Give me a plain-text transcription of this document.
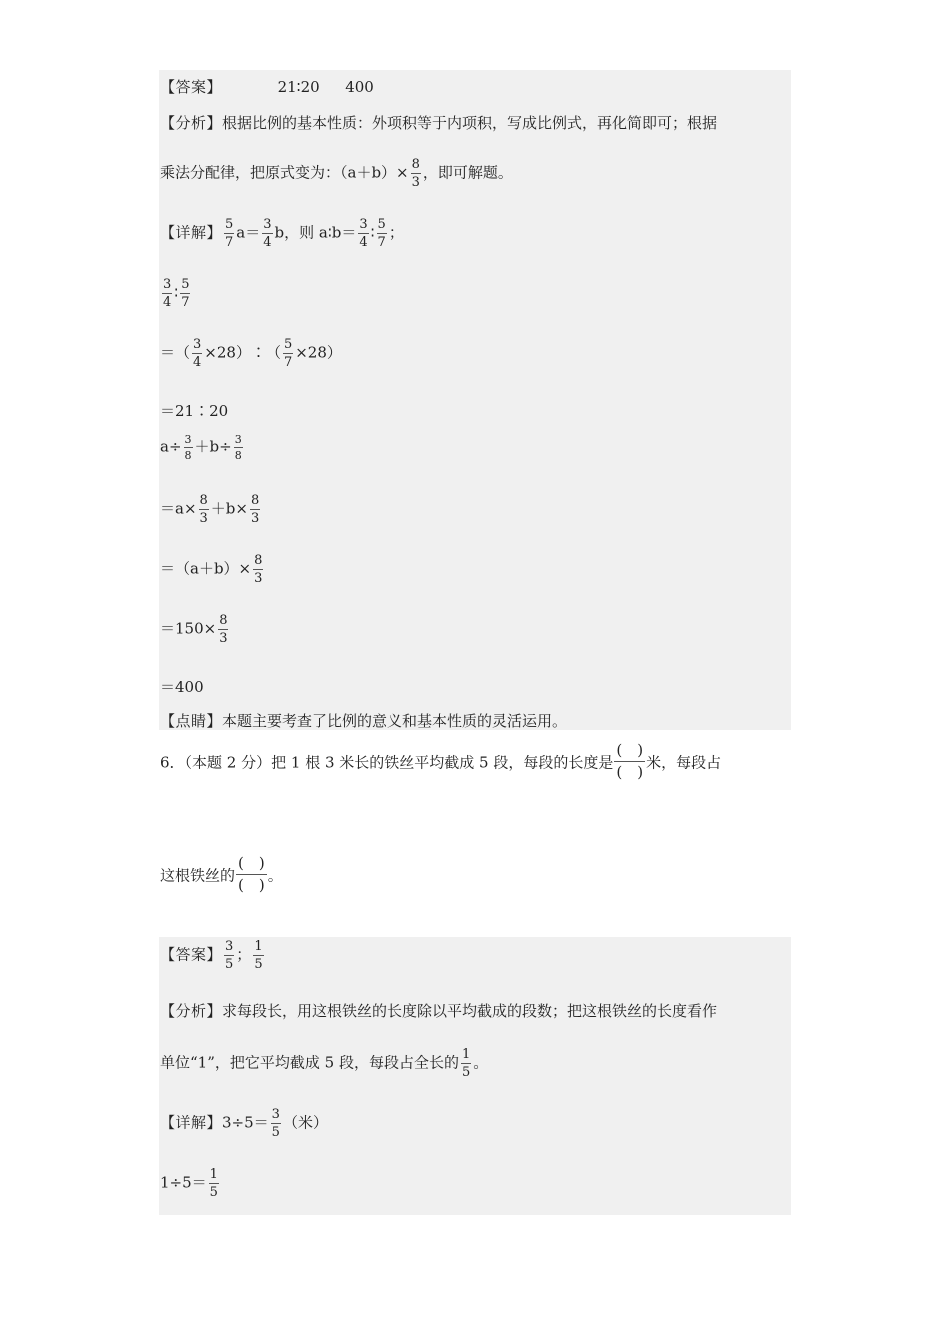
【答案】	21∶20 400
【分析】根据比例的基本性质：外项积等于内项积，写成比例式，再化简即可；根据
乘法分配律，把原式变为：$(a+b)\times \frac{8}{3}$ ，即可解题。
【详解】 $\frac{5}{7} a= \frac{3}{4}$ b，则 a∶b＝ $\frac{3}{4}$ ∶ $\frac{5}{7}$ ；
$\frac{3}{4}$ ∶ $\frac{5}{7}$
＝（ $\frac{3}{4}$ ×28）∶（ $\frac{5}{7} \times 28$）
＝21∶20
$a\div \frac{3}{8} +b\div \frac{3}{8}$
$=a\times \frac{8}{3} +b\times \frac{8}{3}$
$=(a+b)\times \frac{8}{3}$
$=150\times \frac{8}{3}$
＝400
【点睛】本题主要考查了比例的意义和基本性质的灵活运用。
6．（本题 2 分）把 1 根 3 米长的铁丝平均截成 5 段，每段的长度是
(　)
(　)
米，每段占
这根铁丝的
(　)
(　)
。
【答案】 $\frac{3}{5}$ ； $\frac{1}{5}$
【分析】求每段长，用这根铁丝的长度除以平均截成的段数；把这根铁丝的长度看作
单位“1”，把它平均截成 5 段，每段占全长的 $\frac{1}{5}$ 。
【详解】$3\div 5= \frac{3}{5}$ （米）
$1\div 5= \frac{1}{5}$
